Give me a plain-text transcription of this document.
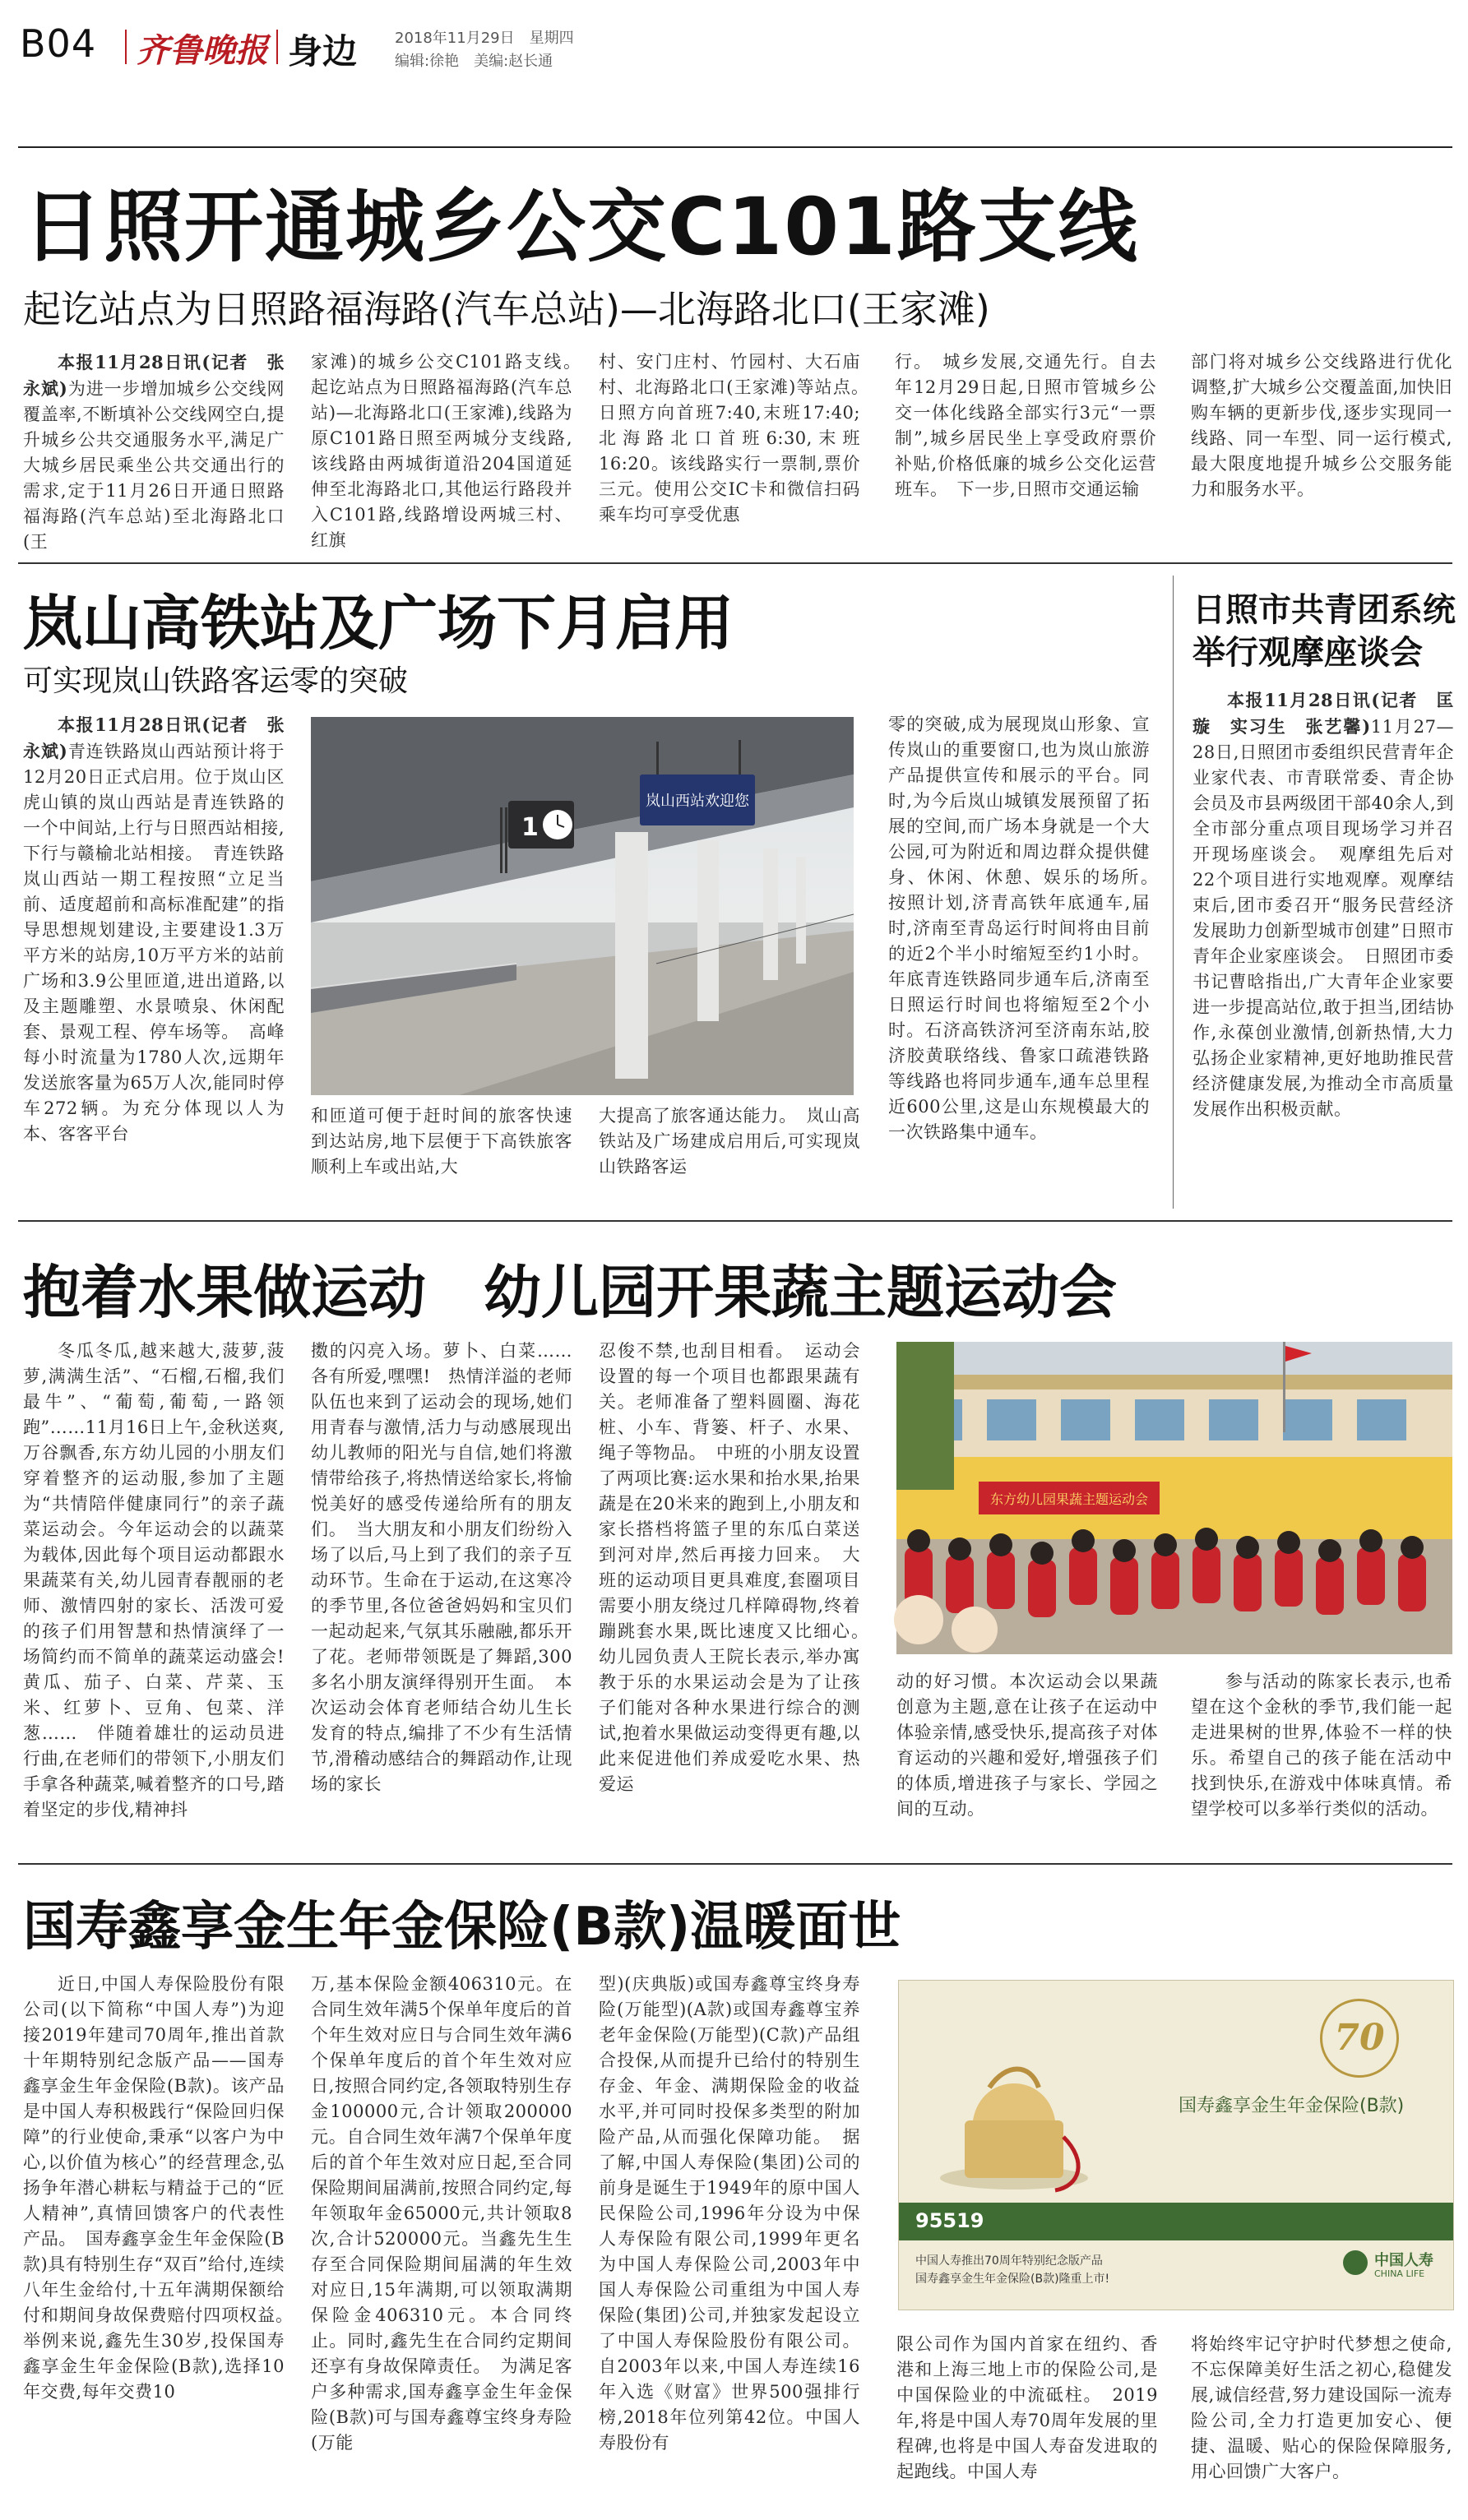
B04 齐鲁晚报 身边	2018年11月29日　星期四
编辑:徐艳　美编:赵长通
日照开通城乡公交C101路支线
起讫站点为日照路福海路(汽车总站)—北海路北口(王家滩)

本报11月28日讯(记者　张永斌)为进一步增加城乡公交线网覆盖率,不断填补公交线网空白,提升城乡公共交通服务水平,满足广大城乡居民乘坐公共交通出行的需求,定于11月26日开通日照路福海路(汽车总站)至北海路北口(王

家滩)的城乡公交C101路支线。　起讫站点为日照路福海路(汽车总站)—北海路北口(王家滩),线路为原C101路日照至两城分支线路,该线路由两城街道沿204国道延伸至北海路北口,其他运行路段并入C101路,线路增设两城三村、红旗

村、安门庄村、竹园村、大石庙村、北海路北口(王家滩)等站点。　日照方向首班7:40,末班17:40;北海路北口首班6:30,末班16:20。该线路实行一票制,票价三元。使用公交IC卡和微信扫码乘车均可享受优惠

行。　城乡发展,交通先行。自去年12月29日起,日照市管城乡公交一体化线路全部实行3元“一票制”,城乡居民坐上享受政府票价补贴,价格低廉的城乡公交化运营班车。　下一步,日照市交通运输

部门将对城乡公交线路进行优化调整,扩大城乡公交覆盖面,加快旧购车辆的更新步伐,逐步实现同一线路、同一车型、同一运行模式,最大限度地提升城乡公交服务能力和服务水平。

岚山高铁站及广场下月启用
可实现岚山铁路客运零的突破

本报11月28日讯(记者　张永斌)青连铁路岚山西站预计将于12月20日正式启用。位于岚山区虎山镇的岚山西站是青连铁路的一个中间站,上行与日照西站相接,下行与赣榆北站相接。　青连铁路岚山西站一期工程按照“立足当前、适度超前和高标准配建”的指导思想规划建设,主要建设1.3万平方米的站房,10万平方米的站前广场和3.9公里匝道,进出道路,以及主题雕塑、水景喷泉、休闲配套、景观工程、停车场等。　高峰每小时流量为1780人次,远期年发送旅客量为65万人次,能同时停车272辆。为充分体现以人为本、客客平台

1
岚山西站欢迎您

和匝道可便于赶时间的旅客快速到达站房,地下层便于下高铁旅客顺利上车或出站,大

大提高了旅客通达能力。　岚山高铁站及广场建成启用后,可实现岚山铁路客运

零的突破,成为展现岚山形象、宣传岚山的重要窗口,也为岚山旅游产品提供宣传和展示的平台。同时,为今后岚山城镇发展预留了拓展的空间,而广场本身就是一个大公园,可为附近和周边群众提供健身、休闲、休憩、娱乐的场所。　按照计划,济青高铁年底通车,届时,济南至青岛运行时间将由目前的近2个半小时缩短至约1小时。年底青连铁路同步通车后,济南至日照运行时间也将缩短至2个小时。石济高铁济河至济南东站,胶济胶黄联络线、鲁家口疏港铁路等线路也将同步通车,通车总里程近600公里,这是山东规模最大的一次铁路集中通车。

日照市共青团系统
举行观摩座谈会

本报11月28日讯(记者　匡璇　实习生　张艺馨)11月27—28日,日照团市委组织民营青年企业家代表、市青联常委、青企协会员及市县两级团干部40余人,到全市部分重点项目现场学习并召开现场座谈会。　观摩组先后对22个项目进行实地观摩。观摩结束后,团市委召开“服务民营经济发展助力创新型城市创建”日照市青年企业家座谈会。　日照团市委书记曹晗指出,广大青年企业家要进一步提高站位,敢于担当,团结协作,永葆创业激情,创新热情,大力弘扬企业家精神,更好地助推民营经济健康发展,为推动全市高质量发展作出积极贡献。

抱着水果做运动　幼儿园开果蔬主题运动会

冬瓜冬瓜,越来越大,菠萝,菠萝,满满生活”、“石榴,石榴,我们最牛”、“葡萄,葡萄,一路领跑”……11月16日上午,金秋送爽,万谷飘香,东方幼儿园的小朋友们穿着整齐的运动服,参加了主题为“共情陪伴健康同行”的亲子蔬菜运动会。今年运动会的以蔬菜为载体,因此每个项目运动都跟水果蔬菜有关,幼儿园青春靓丽的老师、激情四射的家长、活泼可爱的孩子们用智慧和热情演绎了一场简约而不简单的蔬菜运动盛会!黄瓜、茄子、白菜、芹菜、玉米、红萝卜、豆角、包菜、洋葱……　伴随着雄壮的运动员进行曲,在老师们的带领下,小朋友们手拿各种蔬菜,喊着整齐的口号,踏着坚定的步伐,精神抖

擞的闪亮入场。萝卜、白菜……各有所爱,嘿嘿!　热情洋溢的老师队伍也来到了运动会的现场,她们用青春与激情,活力与动感展现出幼儿教师的阳光与自信,她们将激情带给孩子,将热情送给家长,将愉悦美好的感受传递给所有的朋友们。　当大朋友和小朋友们纷纷入场了以后,马上到了我们的亲子互动环节。生命在于运动,在这寒冷的季节里,各位爸爸妈妈和宝贝们一起动起来,气氛其乐融融,都乐开了花。老师带领既是了舞蹈,300多名小朋友演绎得别开生面。　本次运动会体育老师结合幼儿生长发育的特点,编排了不少有生活情节,滑稽动感结合的舞蹈动作,让现场的家长

忍俊不禁,也刮目相看。　运动会设置的每一个项目也都跟果蔬有关。老师准备了塑料圆圈、海花桩、小车、背篓、杆子、水果、绳子等物品。　中班的小朋友设置了两项比赛:运水果和抬水果,抬果蔬是在20米来的跑到上,小朋友和家长搭档将篮子里的东瓜白菜送到河对岸,然后再接力回来。　大班的运动项目更具难度,套圈项目需要小朋友绕过几样障碍物,终着蹦跳套水果,既比速度又比细心。　幼儿园负责人王院长表示,举办寓教于乐的水果运动会是为了让孩子们能对各种水果进行综合的测试,抱着水果做运动变得更有趣,以此来促进他们养成爱吃水果、热爱运

东方幼儿园果蔬主题运动会

动的好习惯。本次运动会以果蔬创意为主题,意在让孩子在运动中体验亲情,感受快乐,提高孩子对体育运动的兴趣和爱好,增强孩子们的体质,增进孩子与家长、学园之间的互动。

参与活动的陈家长表示,也希望在这个金秋的季节,我们能一起走进果树的世界,体验不一样的快乐。希望自己的孩子能在活动中找到快乐,在游戏中体味真情。希望学校可以多举行类似的活动。

国寿鑫享金生年金保险(B款)温暖面世

近日,中国人寿保险股份有限公司(以下简称“中国人寿”)为迎接2019年建司70周年,推出首款十年期特别纪念版产品——国寿鑫享金生年金保险(B款)。该产品是中国人寿积极践行“保险回归保障”的行业使命,秉承“以客户为中心,以价值为核心”的经营理念,弘扬争年潜心耕耘与精益于己的“匠人精神”,真情回馈客户的代表性产品。　国寿鑫享金生年金保险(B款)具有特别生存“双百”给付,连续八年生金给付,十五年满期保额给付和期间身故保费赔付四项权益。　举例来说,鑫先生30岁,投保国寿鑫享金生年金保险(B款),选择10年交费,每年交费10

万,基本保险金额406310元。在合同生效年满5个保单年度后的首个年生效对应日与合同生效年满6个保单年度后的首个年生效对应日,按照合同约定,各领取特别生存金100000元,合计领取200000元。自合同生效年满7个保单年度后的首个年生效对应日起,至合同保险期间届满前,按照合同约定,每年领取年金65000元,共计领取8次,合计520000元。当鑫先生生存至合同保险期间届满的年生效对应日,15年满期,可以领取满期保险金406310元。本合同终止。同时,鑫先生在合同约定期间还享有身故保障责任。　为满足客户多种需求,国寿鑫享金生年金保险(B款)可与国寿鑫尊宝终身寿险(万能

型)(庆典版)或国寿鑫尊宝终身寿险(万能型)(A款)或国寿鑫尊宝养老年金保险(万能型)(C款)产品组合投保,从而提升已给付的特别生存金、年金、满期保险金的收益水平,并可同时投保多类型的附加险产品,从而强化保障功能。　据了解,中国人寿保险(集团)公司的前身是诞生于1949年的原中国人民保险公司,1996年分设为中保人寿保险有限公司,1999年更名为中国人寿保险公司,2003年中国人寿保险公司重组为中国人寿保险(集团)公司,并独家发起设立了中国人寿保险股份有限公司。自2003年以来,中国人寿连续16年入选《财富》世界500强排行榜,2018年位列第42位。中国人寿股份有

70
国寿鑫享金生年金保险(B款)
95519
中国人寿推出70周年特别纪念版产品
国寿鑫享金生年金保险(B款)隆重上市!
中国人寿
CHINA LIFE

限公司作为国内首家在纽约、香港和上海三地上市的保险公司,是中国保险业的中流砥柱。　2019年,将是中国人寿70周年发展的里程碑,也将是中国人寿奋发进取的起跑线。中国人寿

将始终牢记守护时代梦想之使命,不忘保障美好生活之初心,稳健发展,诚信经营,努力建设国际一流寿险公司,全力打造更加安心、便捷、温暖、贴心的保险保障服务,用心回馈广大客户。
